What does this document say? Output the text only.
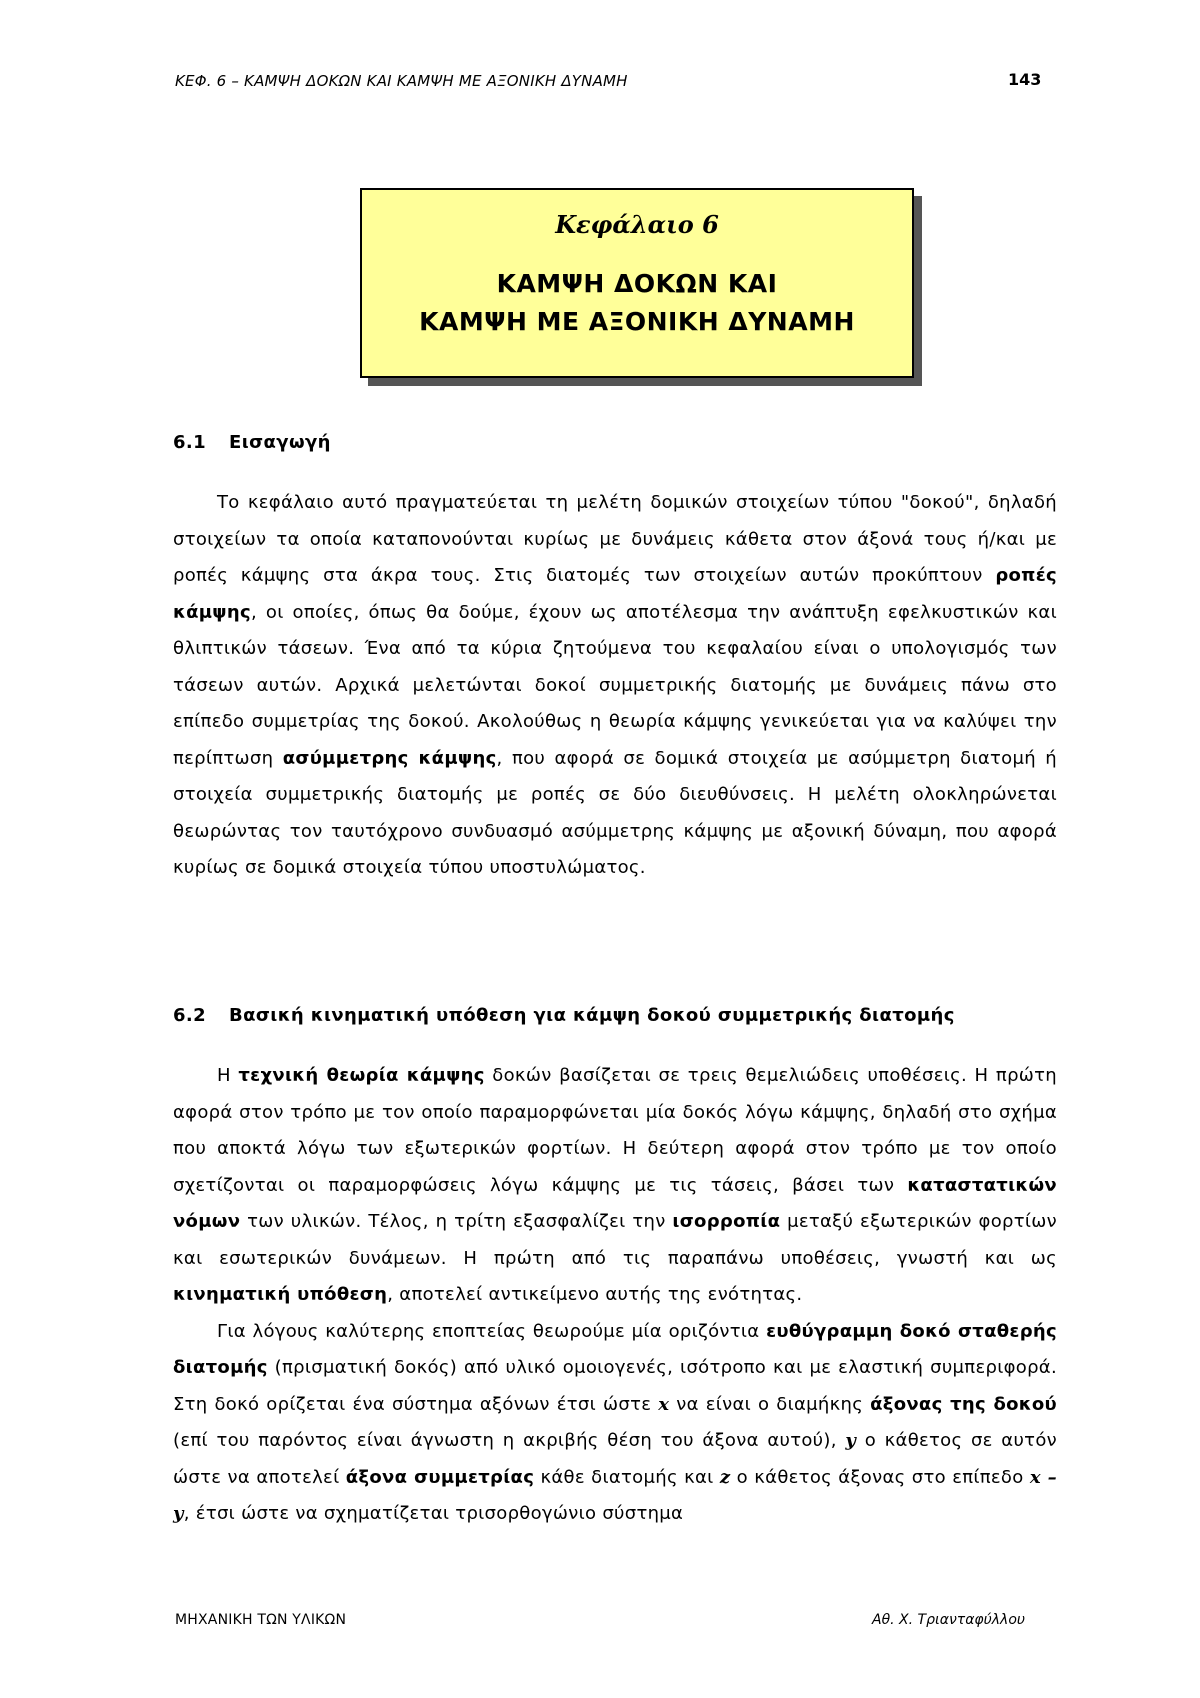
ΚΕΦ. 6 – ΚΑΜΨΗ ΔΟΚΩΝ ΚΑΙ ΚΑΜΨΗ ΜΕ ΑΞΟΝΙΚΗ ΔΥΝΑΜΗ	143
Κεφάλαιο 6
ΚΑΜΨΗ ΔΟΚΩΝ ΚΑΙ
ΚΑΜΨΗ ΜΕ ΑΞΟΝΙΚΗ ΔΥΝΑΜΗ
6.1 Εισαγωγή

Το κεφάλαιο αυτό πραγματεύεται τη μελέτη δομικών στοιχείων τύπου "δοκού", δηλαδή στοιχείων τα οποία καταπονούνται κυρίως με δυνάμεις κάθετα στον άξονά τους ή/και με ροπές κάμψης στα άκρα τους. Στις διατομές των στοιχείων αυτών προκύπτουν ροπές κάμψης, οι οποίες, όπως θα δούμε, έχουν ως αποτέλεσμα την ανάπτυξη εφελκυστικών και θλιπτικών τάσεων. Ένα από τα κύρια ζητούμενα του κεφαλαίου είναι ο υπολογισμός των τάσεων αυτών. Αρχικά μελετώνται δοκοί συμμετρικής διατομής με δυνάμεις πάνω στο επίπεδο συμμετρίας της δοκού. Ακολούθως η θεωρία κάμψης γενικεύεται για να καλύψει την περίπτωση ασύμμετρης κάμψης, που αφορά σε δομικά στοιχεία με ασύμμετρη διατομή ή στοιχεία συμμετρικής διατομής με ροπές σε δύο διευθύνσεις. Η μελέτη ολοκληρώνεται θεωρώντας τον ταυτόχρονο συνδυασμό ασύμμετρης κάμψης με αξονική δύναμη, που αφορά κυρίως σε δομικά στοιχεία τύπου υποστυλώματος.

6.2 Βασική κινηματική υπόθεση για κάμψη δοκού συμμετρικής διατομής

Η τεχνική θεωρία κάμψης δοκών βασίζεται σε τρεις θεμελιώδεις υποθέσεις. Η πρώτη αφορά στον τρόπο με τον οποίο παραμορφώνεται μία δοκός λόγω κάμψης, δηλαδή στο σχήμα που αποκτά λόγω των εξωτερικών φορτίων. Η δεύτερη αφορά στον τρόπο με τον οποίο σχετίζονται οι παραμορφώσεις λόγω κάμψης με τις τάσεις, βάσει των καταστατικών νόμων των υλικών. Τέλος, η τρίτη εξασφαλίζει την ισορροπία μεταξύ εξωτερικών φορτίων και εσωτερικών δυνάμεων. Η πρώτη από τις παραπάνω υποθέσεις, γνωστή και ως κινηματική υπόθεση, αποτελεί αντικείμενο αυτής της ενότητας.

Για λόγους καλύτερης εποπτείας θεωρούμε μία οριζόντια ευθύγραμμη δοκό σταθερής διατομής (πρισματική δοκός) από υλικό ομοιογενές, ισότροπο και με ελαστική συμπεριφορά. Στη δοκό ορίζεται ένα σύστημα αξόνων έτσι ώστε x να είναι ο διαμήκης άξονας της δοκού (επί του παρόντος είναι άγνωστη η ακριβής θέση του άξονα αυτού), y ο κάθετος σε αυτόν ώστε να αποτελεί άξονα συμμετρίας κάθε διατομής και z ο κάθετος άξονας στο επίπεδο x – y, έτσι ώστε να σχηματίζεται τρισορθογώνιο σύστημα

ΜΗΧΑΝΙΚΗ ΤΩΝ ΥΛΙΚΩΝ	Αθ. Χ. Τριανταφύλλου
